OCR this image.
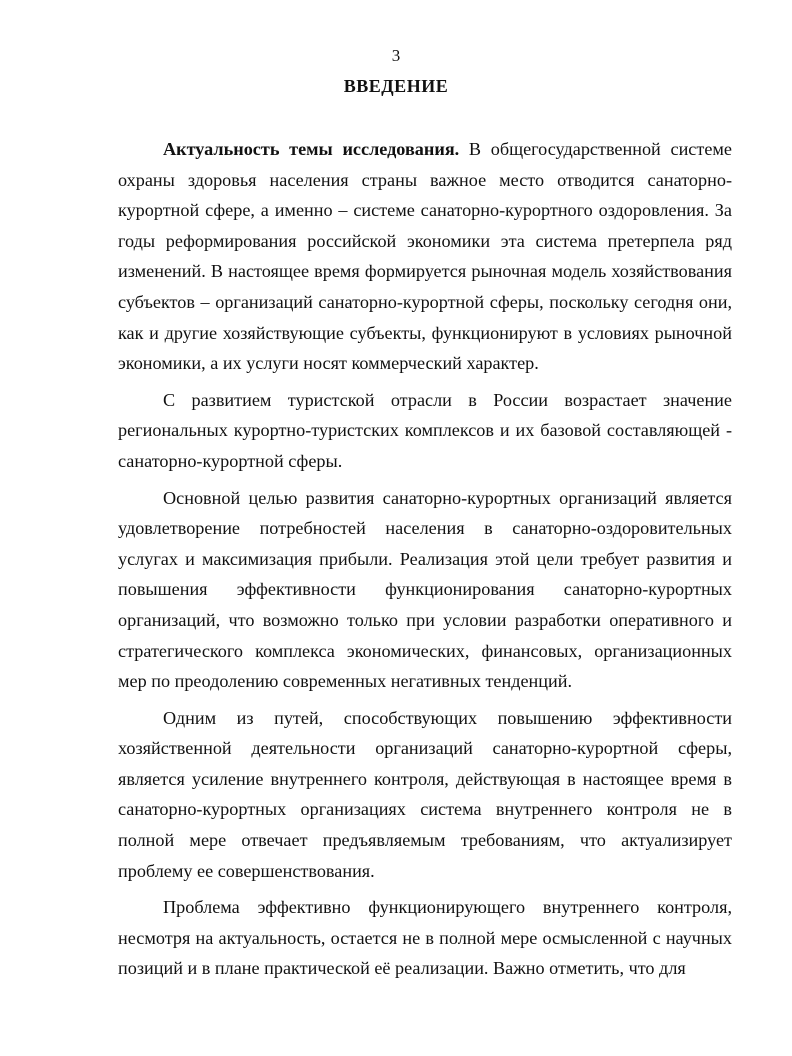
3
ВВЕДЕНИЕ

Актуальность темы исследования. В общегосударственной системе охраны здоровья населения страны важное место отводится санаторно-курортной сфере, а именно – системе санаторно-курортного оздоровления. За годы реформирования российской экономики эта система претерпела ряд изменений. В настоящее время формируется рыночная модель хозяйствования субъектов – организаций санаторно-курортной сферы, поскольку сегодня они, как и другие хозяйствующие субъекты, функционируют в условиях рыночной экономики, а их услуги носят коммерческий характер.

С развитием туристской отрасли в России возрастает значение региональных курортно-туристских комплексов и их базовой составляющей - санаторно-курортной сферы.

Основной целью развития санаторно-курортных организаций является удовлетворение потребностей населения в санаторно-оздоровительных услугах и максимизация прибыли. Реализация этой цели требует развития и повышения эффективности функционирования санаторно-курортных организаций, что возможно только при условии разработки оперативного и стратегического комплекса экономических, финансовых, организационных мер по преодолению современных негативных тенденций.

Одним из путей, способствующих повышению эффективности хозяйственной деятельности организаций санаторно-курортной сферы, является усиление внутреннего контроля, действующая в настоящее время в санаторно-курортных организациях система внутреннего контроля не в полной мере отвечает предъявляемым требованиям, что актуализирует проблему ее совершенствования.

Проблема эффективно функционирующего внутреннего контроля, несмотря на актуальность, остается не в полной мере осмысленной с научных позиций и в плане практической её реализации. Важно отметить, что для
